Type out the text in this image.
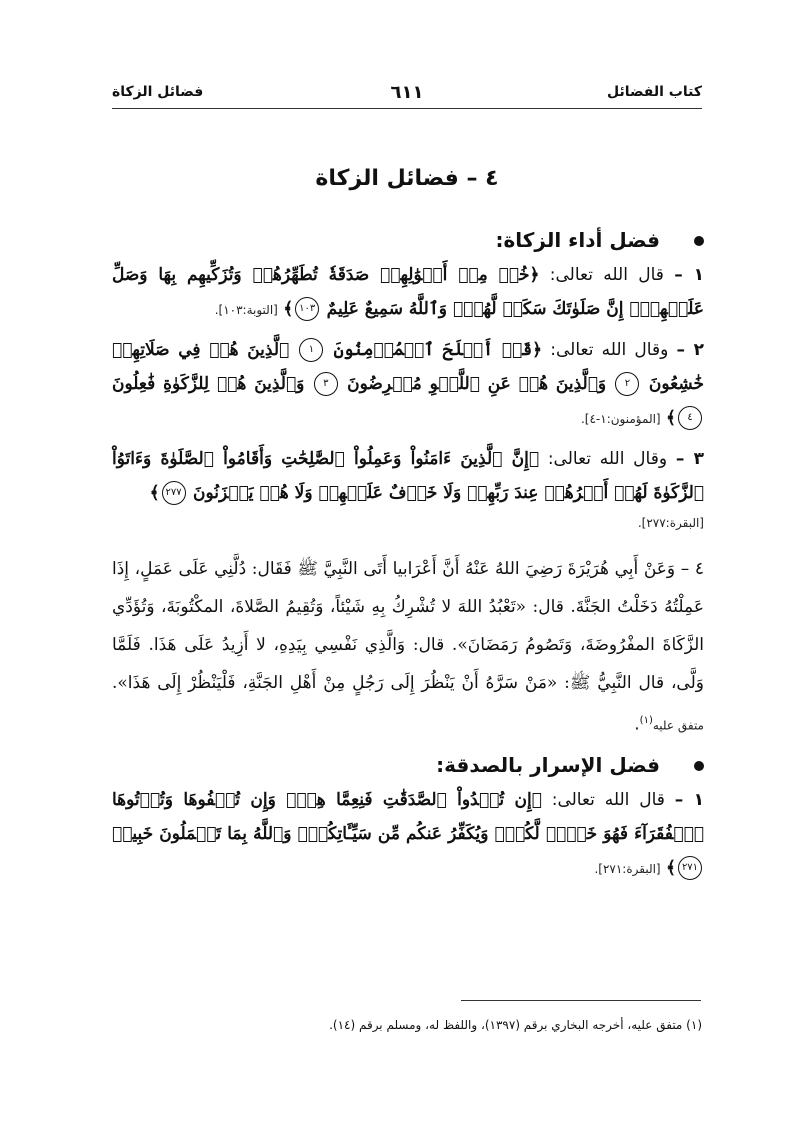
كتاب الفضائل
٦١١
فضائل الزكاة
٤ – فضائل الزكاة
فضل أداء الزكاة:
١ – قال الله تعالى: ﴿خُذۡ مِنۡ أَمۡوَٰلِهِمۡ صَدَقَةٗ تُطَهِّرُهُمۡ وَتُزَكِّيهِم بِهَا وَصَلِّ عَلَيۡهِمۡۖ إِنَّ صَلَوٰتَكَ سَكَنٞ لَّهُمۡۗ وَٱللَّهُ سَمِيعٌ عَلِيمٌ ١٠٣﴾ [التوبة:١٠٣].
٢ – وقال الله تعالى: ﴿قَدۡ أَفۡلَحَ ٱلۡمُؤۡمِنُونَ ١ ٱلَّذِينَ هُمۡ فِي صَلَاتِهِمۡ خَٰشِعُونَ ٢ وَٱلَّذِينَ هُمۡ عَنِ ٱللَّغۡوِ مُعۡرِضُونَ ٣ وَٱلَّذِينَ هُمۡ لِلزَّكَوٰةِ فَٰعِلُونَ ٤﴾ [المؤمنون:١-٤].
٣ – وقال الله تعالى: ﴿إِنَّ ٱلَّذِينَ ءَامَنُواْ وَعَمِلُواْ ٱلصَّٰلِحَٰتِ وَأَقَامُواْ ٱلصَّلَوٰةَ وَءَاتَوُاْ ٱلزَّكَوٰةَ لَهُمۡ أَجۡرُهُمۡ عِندَ رَبِّهِمۡ وَلَا خَوۡفٌ عَلَيۡهِمۡ وَلَا هُمۡ يَحۡزَنُونَ ٢٧٧﴾
[البقرة:٢٧٧].
٤ – وَعَنْ أَبِي هُرَيْرَةَ رَضِيَ اللهُ عَنْهُ أَنَّ أَعْرَابيا أَتَى النَّبِيَّ ﷺ فَقَال: دُلَّنِي عَلَى عَمَلٍ، إِذَا عَمِلْتُهُ دَخَلْتُ الجَنَّةَ. قال: «تَعْبُدُ اللهَ لا تُشْرِكُ بِهِ شَيْئاً، وَتُقِيمُ الصَّلاةَ، المكْتُوبَةَ، وَتُؤَدِّي الزَّكَاةَ المفْرُوضَةَ، وَتَصُومُ رَمَضَانَ». قال: وَالَّذِي نَفْسِي بِيَدِهِ، لا أَزِيدُ عَلَى هَذَا. فَلَمَّا وَلَّى، قال النَّبِيُّ ﷺ: «مَنْ سَرَّهُ أَنْ يَنْظُرَ إِلَى رَجُلٍ مِنْ أَهْلِ الجَنَّةِ، فَلْيَنْظُرْ إِلَى هَذَا». متفق عليه$^{(١)}$.
فضل الإسرار بالصدقة:
١ – قال الله تعالى: ﴿إِن تُبۡدُواْ ٱلصَّدَقَٰتِ فَنِعِمَّا هِيَۖ وَإِن تُخۡفُوهَا وَتُؤۡتُوهَا ٱلۡفُقَرَآءَ فَهُوَ خَيۡرٞ لَّكُمۡۚ وَيُكَفِّرُ عَنكُم مِّن سَيِّـَٔاتِكُمۡۗ وَٱللَّهُ بِمَا تَعۡمَلُونَ خَبِيرٞ ٢٧١﴾ [البقرة:٢٧١].
(١) متفق عليه، أخرجه البخاري برقم (١٣٩٧)، واللفظ له، ومسلم برقم (١٤).
